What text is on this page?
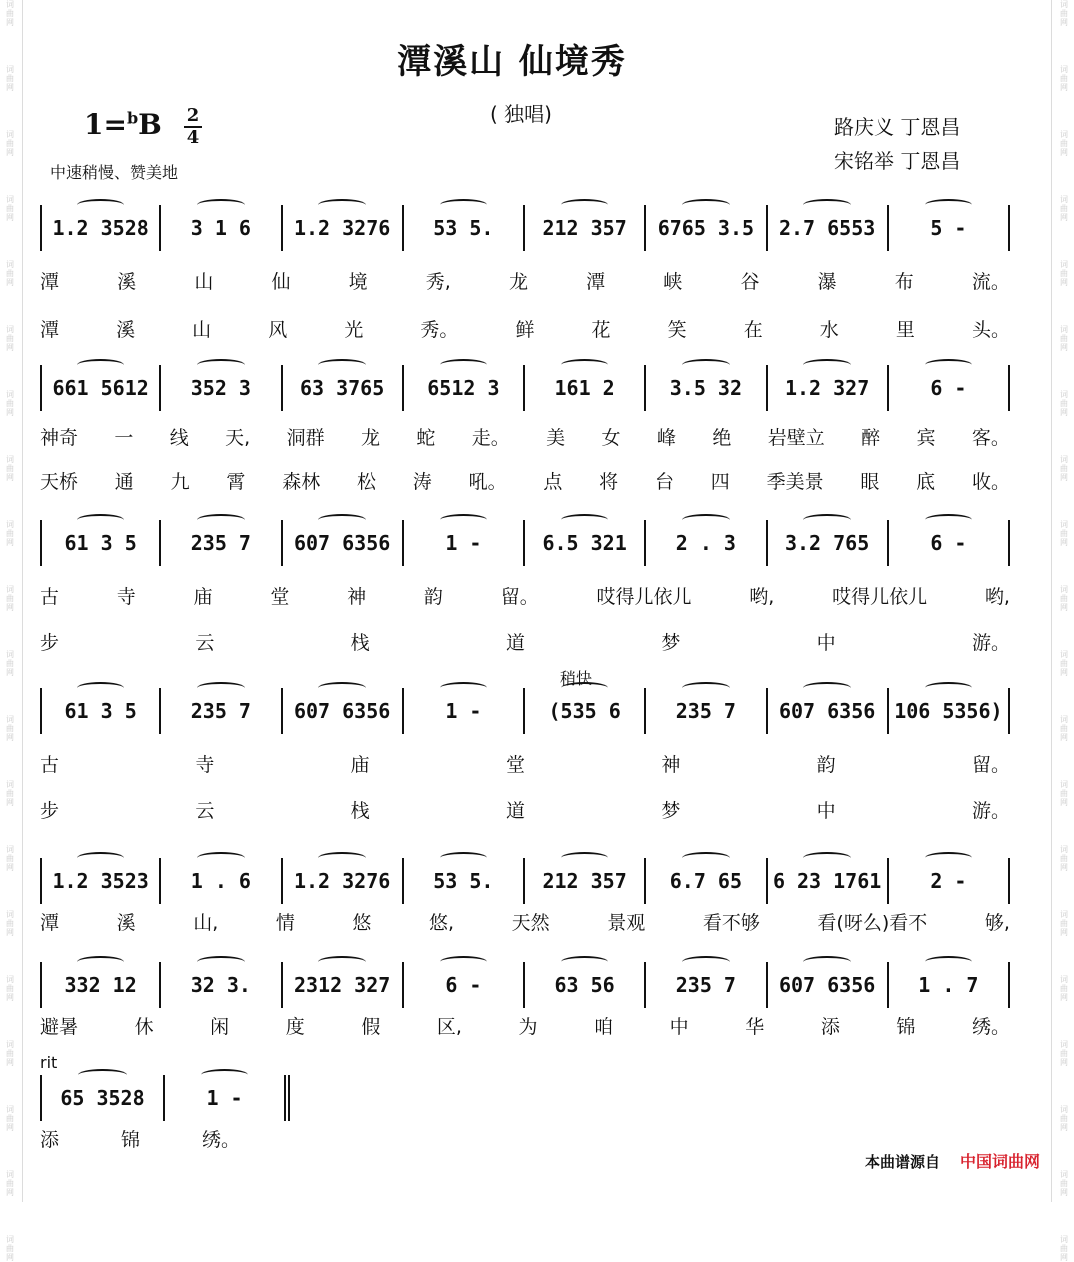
词曲网
词曲网
词曲网
词曲网
词曲网
词曲网
词曲网
词曲网
词曲网
词曲网
词曲网
词曲网
词曲网
词曲网
词曲网
词曲网
词曲网
词曲网
词曲网
词曲网
词曲网
词曲网
词曲网
词曲网
词曲网
词曲网
词曲网
词曲网
词曲网
词曲网
词曲网
词曲网
词曲网
词曲网
词曲网
词曲网
词曲网
词曲网
词曲网
词曲网
潭溪山 仙境秀
( 独唱)
1=$^b$B 2
4
中速稍慢、赞美地
路庆义 丁恩昌
宋铭举 丁恩昌
1.2 3528	3 1 6	1.2 3276	53 5.	212 357	6765 3.5	2.7 6553	5 -
潭	溪	山	仙	境	秀,	龙	潭	峡	谷	瀑	布	流。
潭	溪	山	风	光	秀。	鲜	花	笑	在	水	里	头。
661 5612	352 3	63 3765	6512 3	161 2	3.5 32	1.2 327	6 -
神奇 一 线 天, 洞群 龙 蛇 走。 美 女 峰 绝 岩壁立 醉 宾 客。
天桥 通 九 霄 森林 松 涛 吼。 点 将 台 四 季美景 眼 底 收。
61 3 5	235 7	607 6356	1 -	6.5 321	2 . 3	3.2 765	6 -
古	寺	庙	堂	神	韵	留。	哎得儿依儿	哟,	哎得儿依儿	哟,
步	云	栈	道	梦	中	游。
稍快
61 3 5	235 7	607 6356	1 -	(535 6	235 7	607 6356 106 5356)
古	寺	庙	堂	神	韵	留。
步	云	栈	道	梦	中	游。
1.2 3523	1 . 6	1.2 3276	53 5.	212 357	6.7 65	6 23 1761	2 -
潭	溪	山,	情	悠	悠,	天然	景观	看不够	看(呀么)看不	够,
332 12	32 3.	2312 327	6 -	63 56	235 7	607 6356	1 . 7
避暑	休	闲	度	假	区,	为	咱	中	华	添	锦	绣。
rit
65 3528	1 -
添	锦	绣。
本曲谱源自 中国词曲网
